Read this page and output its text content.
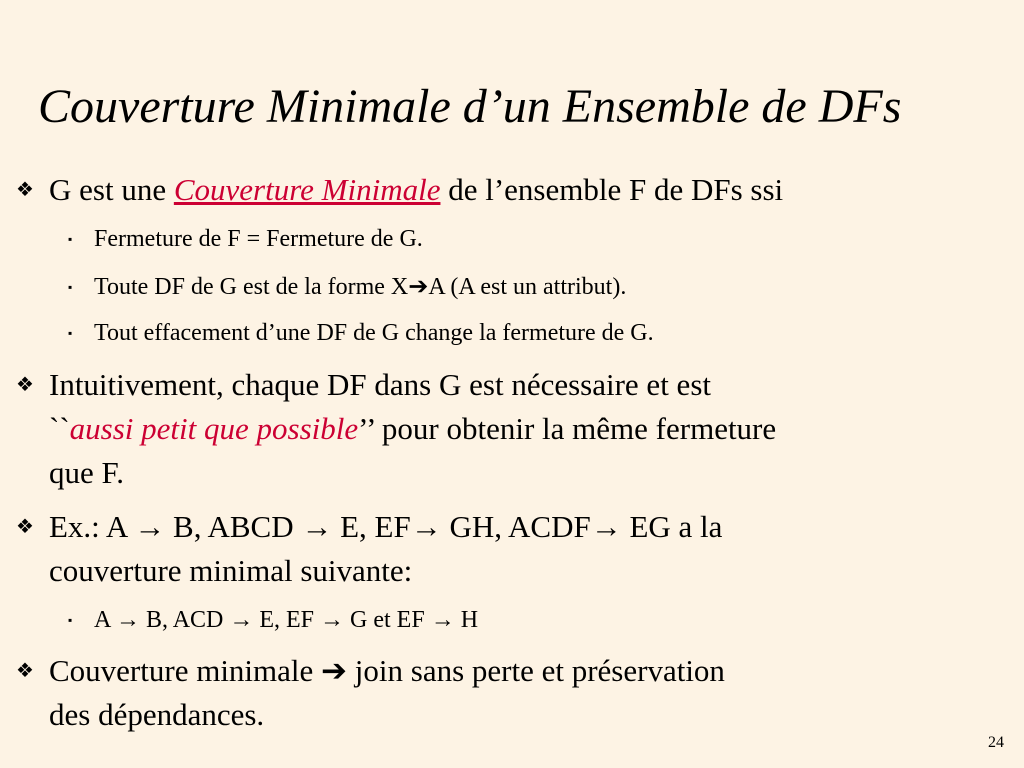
Couverture Minimale d’un Ensemble de DFs
❖ G est une Couverture Minimale de l’ensemble F de DFs ssi
▪ Fermeture de F = Fermeture de G.
▪ Toute DF de G est de la forme X➔A (A est un attribut).
▪ Tout effacement d’une DF de G change la fermeture de G.
❖ Intuitivement, chaque DF dans G est nécessaire et est
``aussi petit que possible’’ pour obtenir la même fermeture
que F.
❖ Ex.: A → B, ABCD → E, EF→ GH, ACDF→ EG a la
couverture minimal suivante:
▪ A → B, ACD → E, EF → G et EF → H
❖ Couverture minimale ➔ join sans perte et préservation
des dépendances.
24
